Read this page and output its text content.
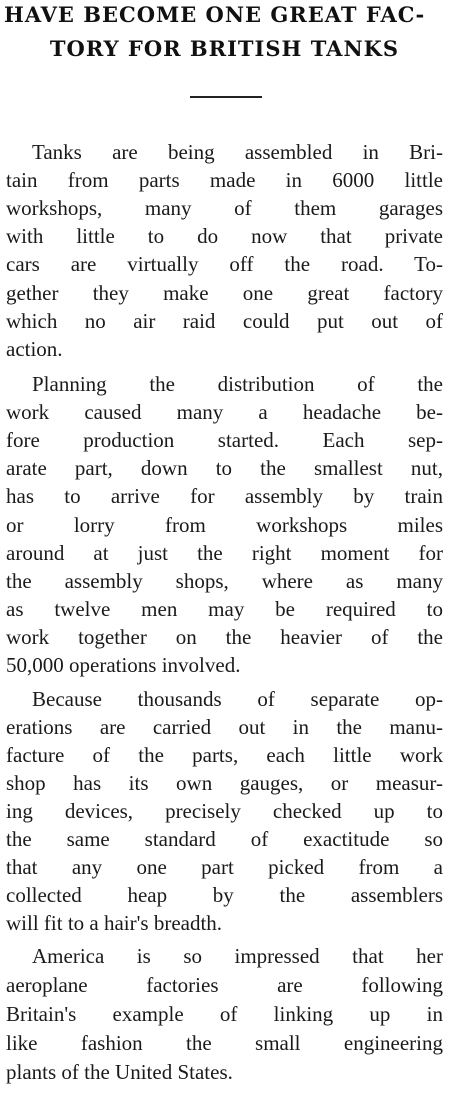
HAVE BECOME ONE GREAT FAC-
TORY FOR BRITISH TANKS

Tanks are being assembled in Bri-

tain from parts made in 6000 little

workshops, many of them garages

with little to do now that private

cars are virtually off the road. To-

gether they make one great factory

which no air raid could put out of

action.

Planning the distribution of the

work caused many a headache be-

fore production started. Each sep-

arate part, down to the smallest nut,

has to arrive for assembly by train

or lorry from workshops miles

around at just the right moment for

the assembly shops, where as many

as twelve men may be required to

work together on the heavier of the

50,000 operations involved.

Because thousands of separate op-

erations are carried out in the manu-

facture of the parts, each little work

shop has its own gauges, or measur-

ing devices, precisely checked up to

the same standard of exactitude so

that any one part picked from a

collected heap by the assemblers

will fit to a hair's breadth.

America is so impressed that her

aeroplane factories are following

Britain's example of linking up in

like fashion the small engineering

plants of the United States.
